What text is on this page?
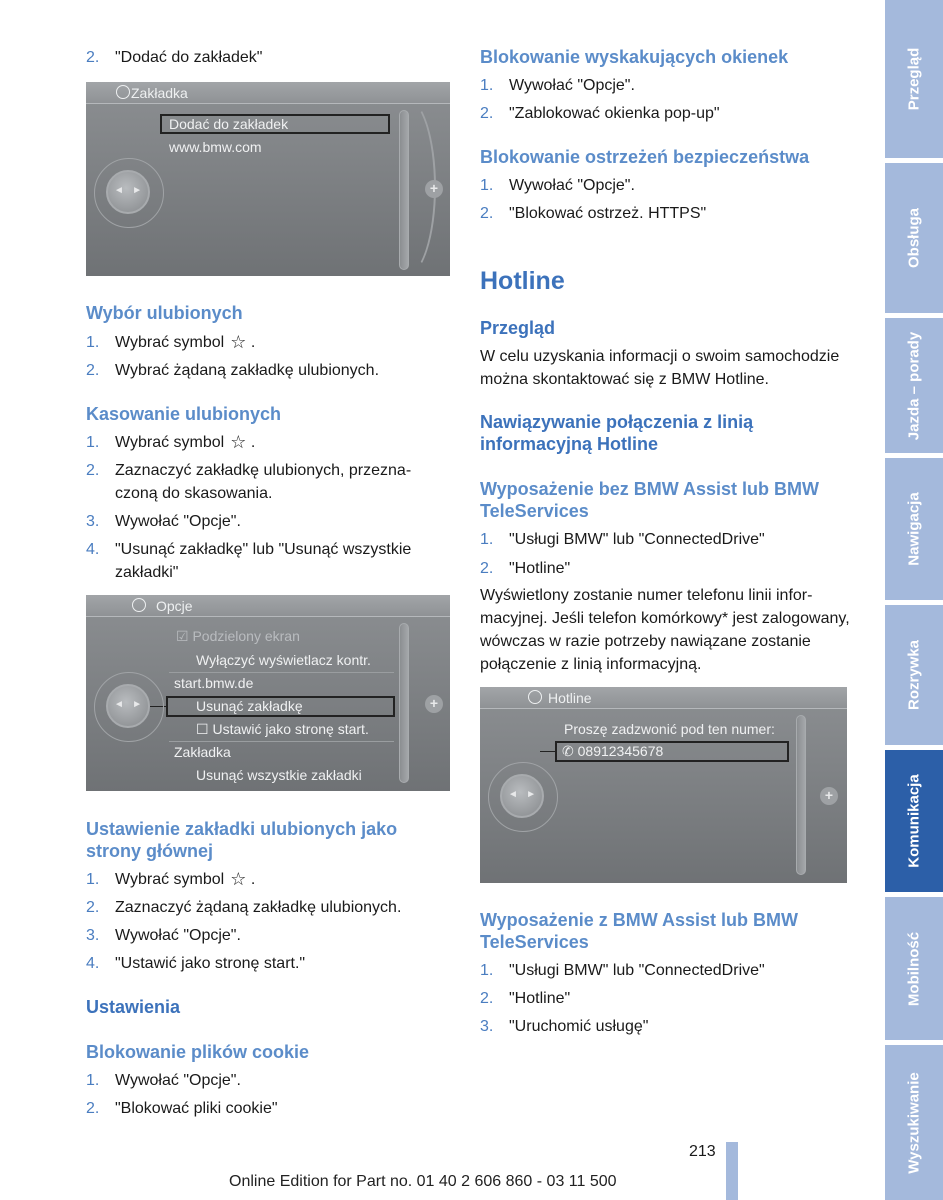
2. "Dodać do zakładek"
Zakładka
Dodać do zakładek
www.bmw.com
◄ ►	+
Wybór ulubionych
1. Wybrać symbol ☆ .
2. Wybrać żądaną zakładkę ulubionych.
Kasowanie ulubionych
1. Wybrać symbol ☆ .
2. Zaznaczyć zakładkę ulubionych, przeznaczoną do skasowania.
3. Wywołać "Opcje".
4. "Usunąć zakładkę" lub "Usunąć wszystkie zakładki"
Opcje
☑ Podzielony ekran
Wyłączyć wyświetlacz kontr.
start.bmw.de
Usunąć zakładkę
☐ Ustawić jako stronę start.
Zakładka
Usunąć wszystkie zakładki
◄ ►	+
Ustawienie zakładki ulubionych jako strony głównej
1. Wybrać symbol ☆ .
2. Zaznaczyć żądaną zakładkę ulubionych.
3. Wywołać "Opcje".
4. "Ustawić jako stronę start."
Ustawienia
Blokowanie plików cookie
1. Wywołać "Opcje".
2. "Blokować pliki cookie"
Blokowanie wyskakujących okienek
1. Wywołać "Opcje".
2. "Zablokować okienka pop-up"
Blokowanie ostrzeżeń bezpieczeństwa
1. Wywołać "Opcje".
2. "Blokować ostrzeż. HTTPS"
Hotline
Przegląd
W celu uzyskania informacji o swoim samochodzie można skontaktować się z BMW Hotline.
Nawiązywanie połączenia z linią informacyjną Hotline
Wyposażenie bez BMW Assist lub BMW TeleServices
1. "Usługi BMW" lub "ConnectedDrive"
2. "Hotline"
Wyświetlony zostanie numer telefonu linii informacyjnej. Jeśli telefon komórkowy* jest zalogowany, wówczas w razie potrzeby nawiązane zostanie połączenie z linią informacyjną.
Hotline
Proszę zadzwonić pod ten numer:
✆ 08912345678
◄ ►	+
Wyposażenie z BMW Assist lub BMW TeleServices
1. "Usługi BMW" lub "ConnectedDrive"
2. "Hotline"
3. "Uruchomić usługę"
Przegląd
Obsługa
Jazda – porady
Nawigacja
Rozrywka
Komunikacja
Mobilność
Wyszukiwanie
213
Online Edition for Part no. 01 40 2 606 860 - 03 11 500
